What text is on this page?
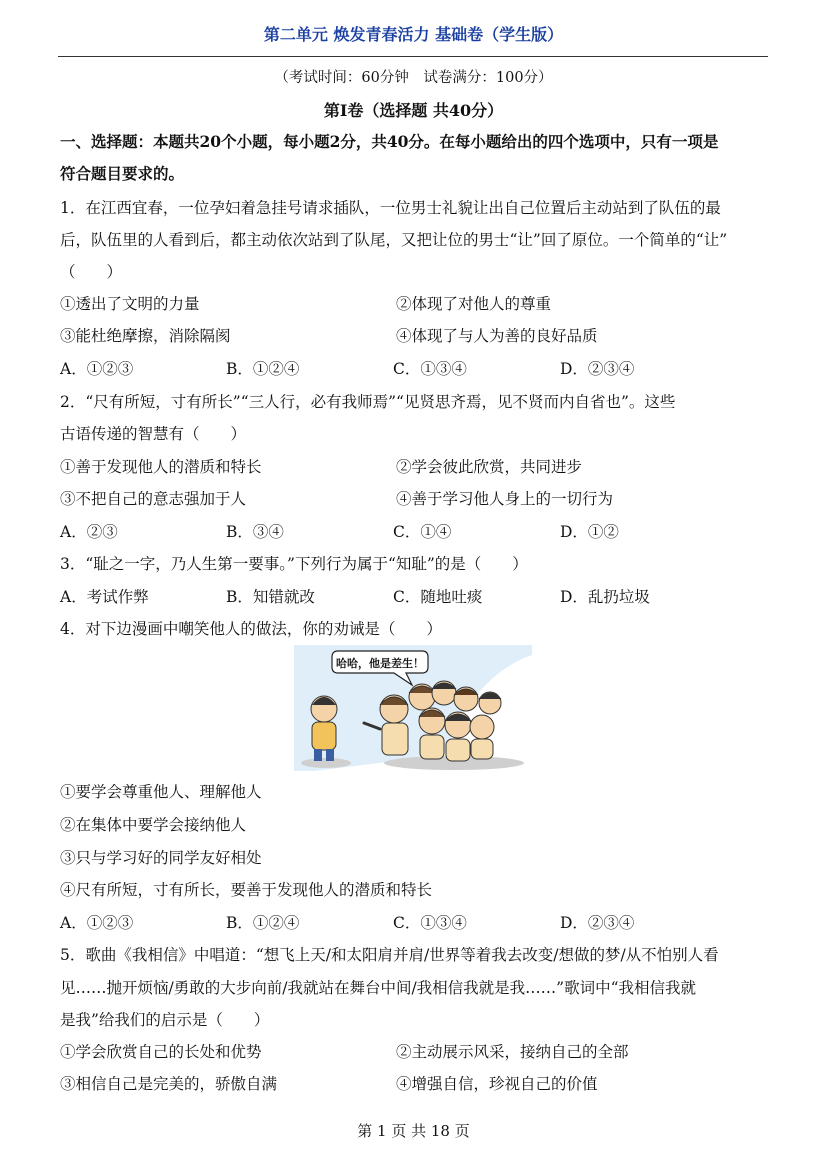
第二单元 焕发青春活力 基础卷（学生版）
（考试时间：60分钟　试卷满分：100分）
第Ⅰ卷（选择题 共40分）
一、选择题：本题共20个小题，每小题2分，共40分。在每小题给出的四个选项中，只有一项是
符合题目要求的。
1．在江西宜春，一位孕妇着急挂号请求插队，一位男士礼貌让出自己位置后主动站到了队伍的最
后，队伍里的人看到后，都主动依次站到了队尾，又把让位的男士“让”回了原位。一个简单的“让”
（　　）
①透出了文明的力量	②体现了对他人的尊重
③能杜绝摩擦，消除隔阂	④体现了与人为善的良好品质
A．①②③	B．①②④	C．①③④	D．②③④
2．“尺有所短，寸有所长”“三人行，必有我师焉”“见贤思齐焉，见不贤而内自省也”。这些
古语传递的智慧有（　　）
①善于发现他人的潜质和特长	②学会彼此欣赏，共同进步
③不把自己的意志强加于人	④善于学习他人身上的一切行为
A．②③	B．③④	C．①④	D．①②
3．“耻之一字，乃人生第一要事。”下列行为属于“知耻”的是（　　）
A．考试作弊	B．知错就改	C．随地吐痰	D．乱扔垃圾
4．对下边漫画中嘲笑他人的做法，你的劝诫是（　　）
哈哈，他是差生！
①要学会尊重他人、理解他人
②在集体中要学会接纳他人
③只与学习好的同学友好相处
④尺有所短，寸有所长，要善于发现他人的潜质和特长
A．①②③	B．①②④	C．①③④	D．②③④
5．歌曲《我相信》中唱道：“想飞上天/和太阳肩并肩/世界等着我去改变/想做的梦/从不怕别人看
见……抛开烦恼/勇敢的大步向前/我就站在舞台中间/我相信我就是我……”歌词中“我相信我就
是我”给我们的启示是（　　）
①学会欣赏自己的长处和优势	②主动展示风采，接纳自己的全部
③相信自己是完美的，骄傲自满	④增强自信，珍视自己的价值
第 1 页 共 18 页
